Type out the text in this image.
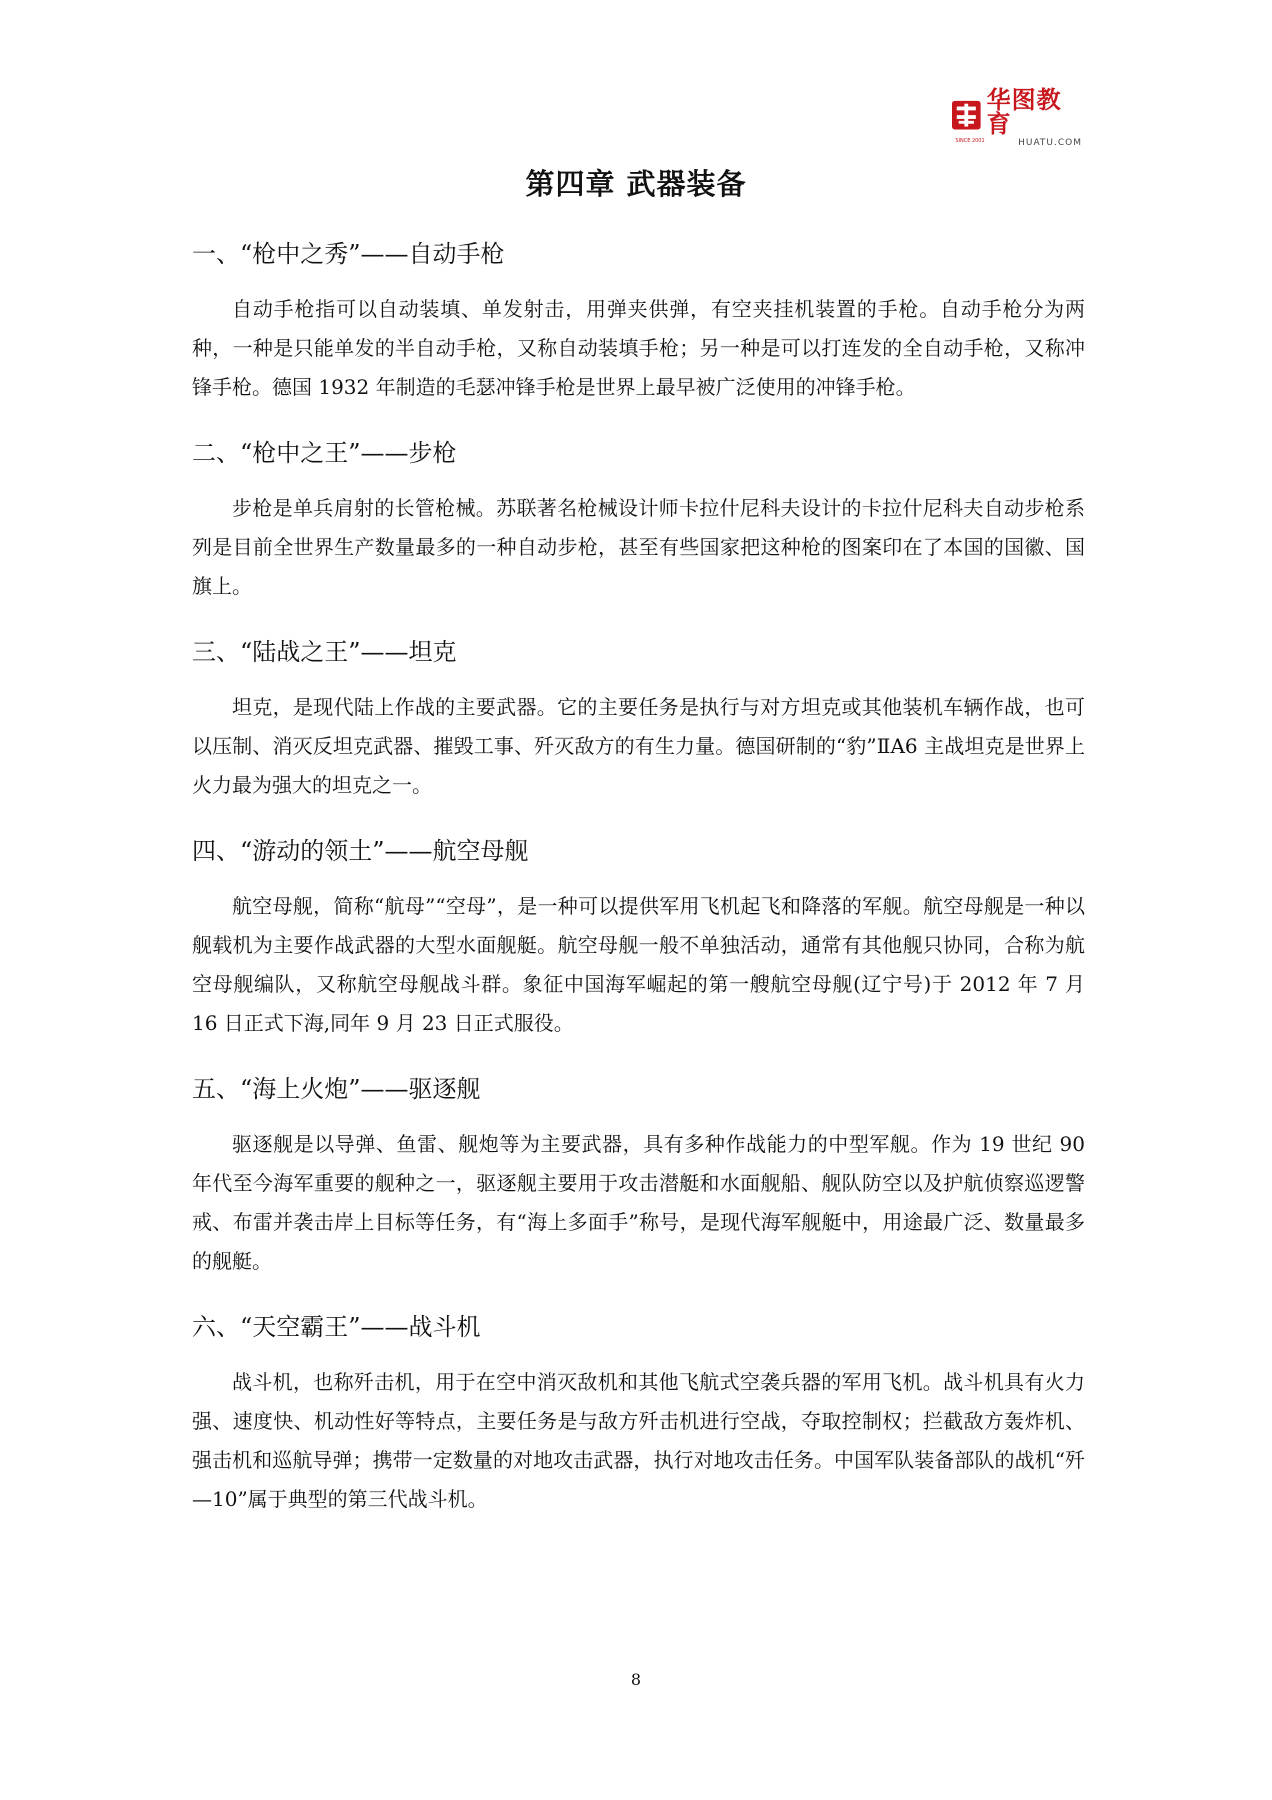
华图教育
HUATU.COM
SINCE 2001
第四章 武器装备
一、“枪中之秀”——自动手枪

自动手枪指可以自动装填、单发射击，用弹夹供弹，有空夹挂机装置的手枪。自动手枪分为两种，一种是只能单发的半自动手枪，又称自动装填手枪；另一种是可以打连发的全自动手枪，又称冲锋手枪。德国 1932 年制造的毛瑟冲锋手枪是世界上最早被广泛使用的冲锋手枪。

二、“枪中之王”——步枪

步枪是单兵肩射的长管枪械。苏联著名枪械设计师卡拉什尼科夫设计的卡拉什尼科夫自动步枪系列是目前全世界生产数量最多的一种自动步枪，甚至有些国家把这种枪的图案印在了本国的国徽、国旗上。

三、“陆战之王”——坦克

坦克，是现代陆上作战的主要武器。它的主要任务是执行与对方坦克或其他装机车辆作战，也可以压制、消灭反坦克武器、摧毁工事、歼灭敌方的有生力量。德国研制的“豹”ⅡA6 主战坦克是世界上火力最为强大的坦克之一。

四、“游动的领土”——航空母舰

航空母舰，简称“航母”“空母”，是一种可以提供军用飞机起飞和降落的军舰。航空母舰是一种以舰载机为主要作战武器的大型水面舰艇。航空母舰一般不单独活动，通常有其他舰只协同，合称为航空母舰编队，又称航空母舰战斗群。象征中国海军崛起的第一艘航空母舰(辽宁号)于 2012 年 7 月 16 日正式下海,同年 9 月 23 日正式服役。

五、“海上火炮”——驱逐舰

驱逐舰是以导弹、鱼雷、舰炮等为主要武器，具有多种作战能力的中型军舰。作为 19 世纪 90 年代至今海军重要的舰种之一，驱逐舰主要用于攻击潜艇和水面舰船、舰队防空以及护航侦察巡逻警戒、布雷并袭击岸上目标等任务，有“海上多面手”称号，是现代海军舰艇中，用途最广泛、数量最多的舰艇。

六、“天空霸王”——战斗机

战斗机，也称歼击机，用于在空中消灭敌机和其他飞航式空袭兵器的军用飞机。战斗机具有火力强、速度快、机动性好等特点，主要任务是与敌方歼击机进行空战，夺取控制权；拦截敌方轰炸机、强击机和巡航导弹；携带一定数量的对地攻击武器，执行对地攻击任务。中国军队装备部队的战机“歼—10”属于典型的第三代战斗机。

8
